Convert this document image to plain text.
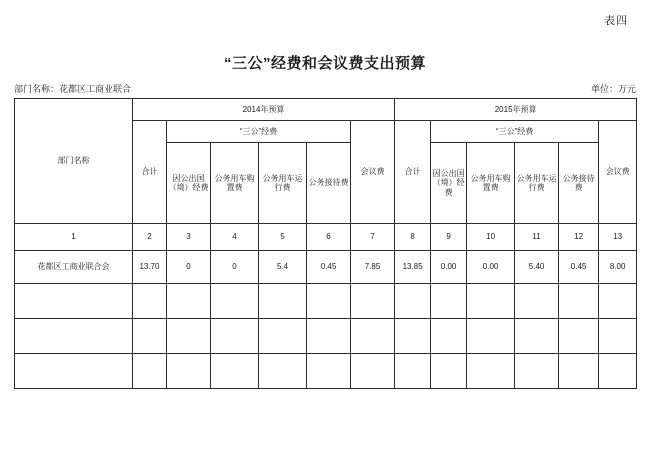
表四
“三公”经费和会议费支出预算
部门名称：花都区工商业联合	单位：万元
部门名称	2014年预算						2015年预算					
	合计	“三公”经费				会议费	合计	“三公”经费				会议费
		因公出国（境）经费	公务用车购置费	公务用车运行费	公务接待费			因公出国（境）经费	公务用车购置费	公务用车运行费	公务接待费	
1	2	3	4	5	6	7	8	9	10	11	12	13
花都区工商业联合会	13.70	0	0	5.4	0.45	7.85	13.85	0.00	0.00	5.40	0.45	8.00
